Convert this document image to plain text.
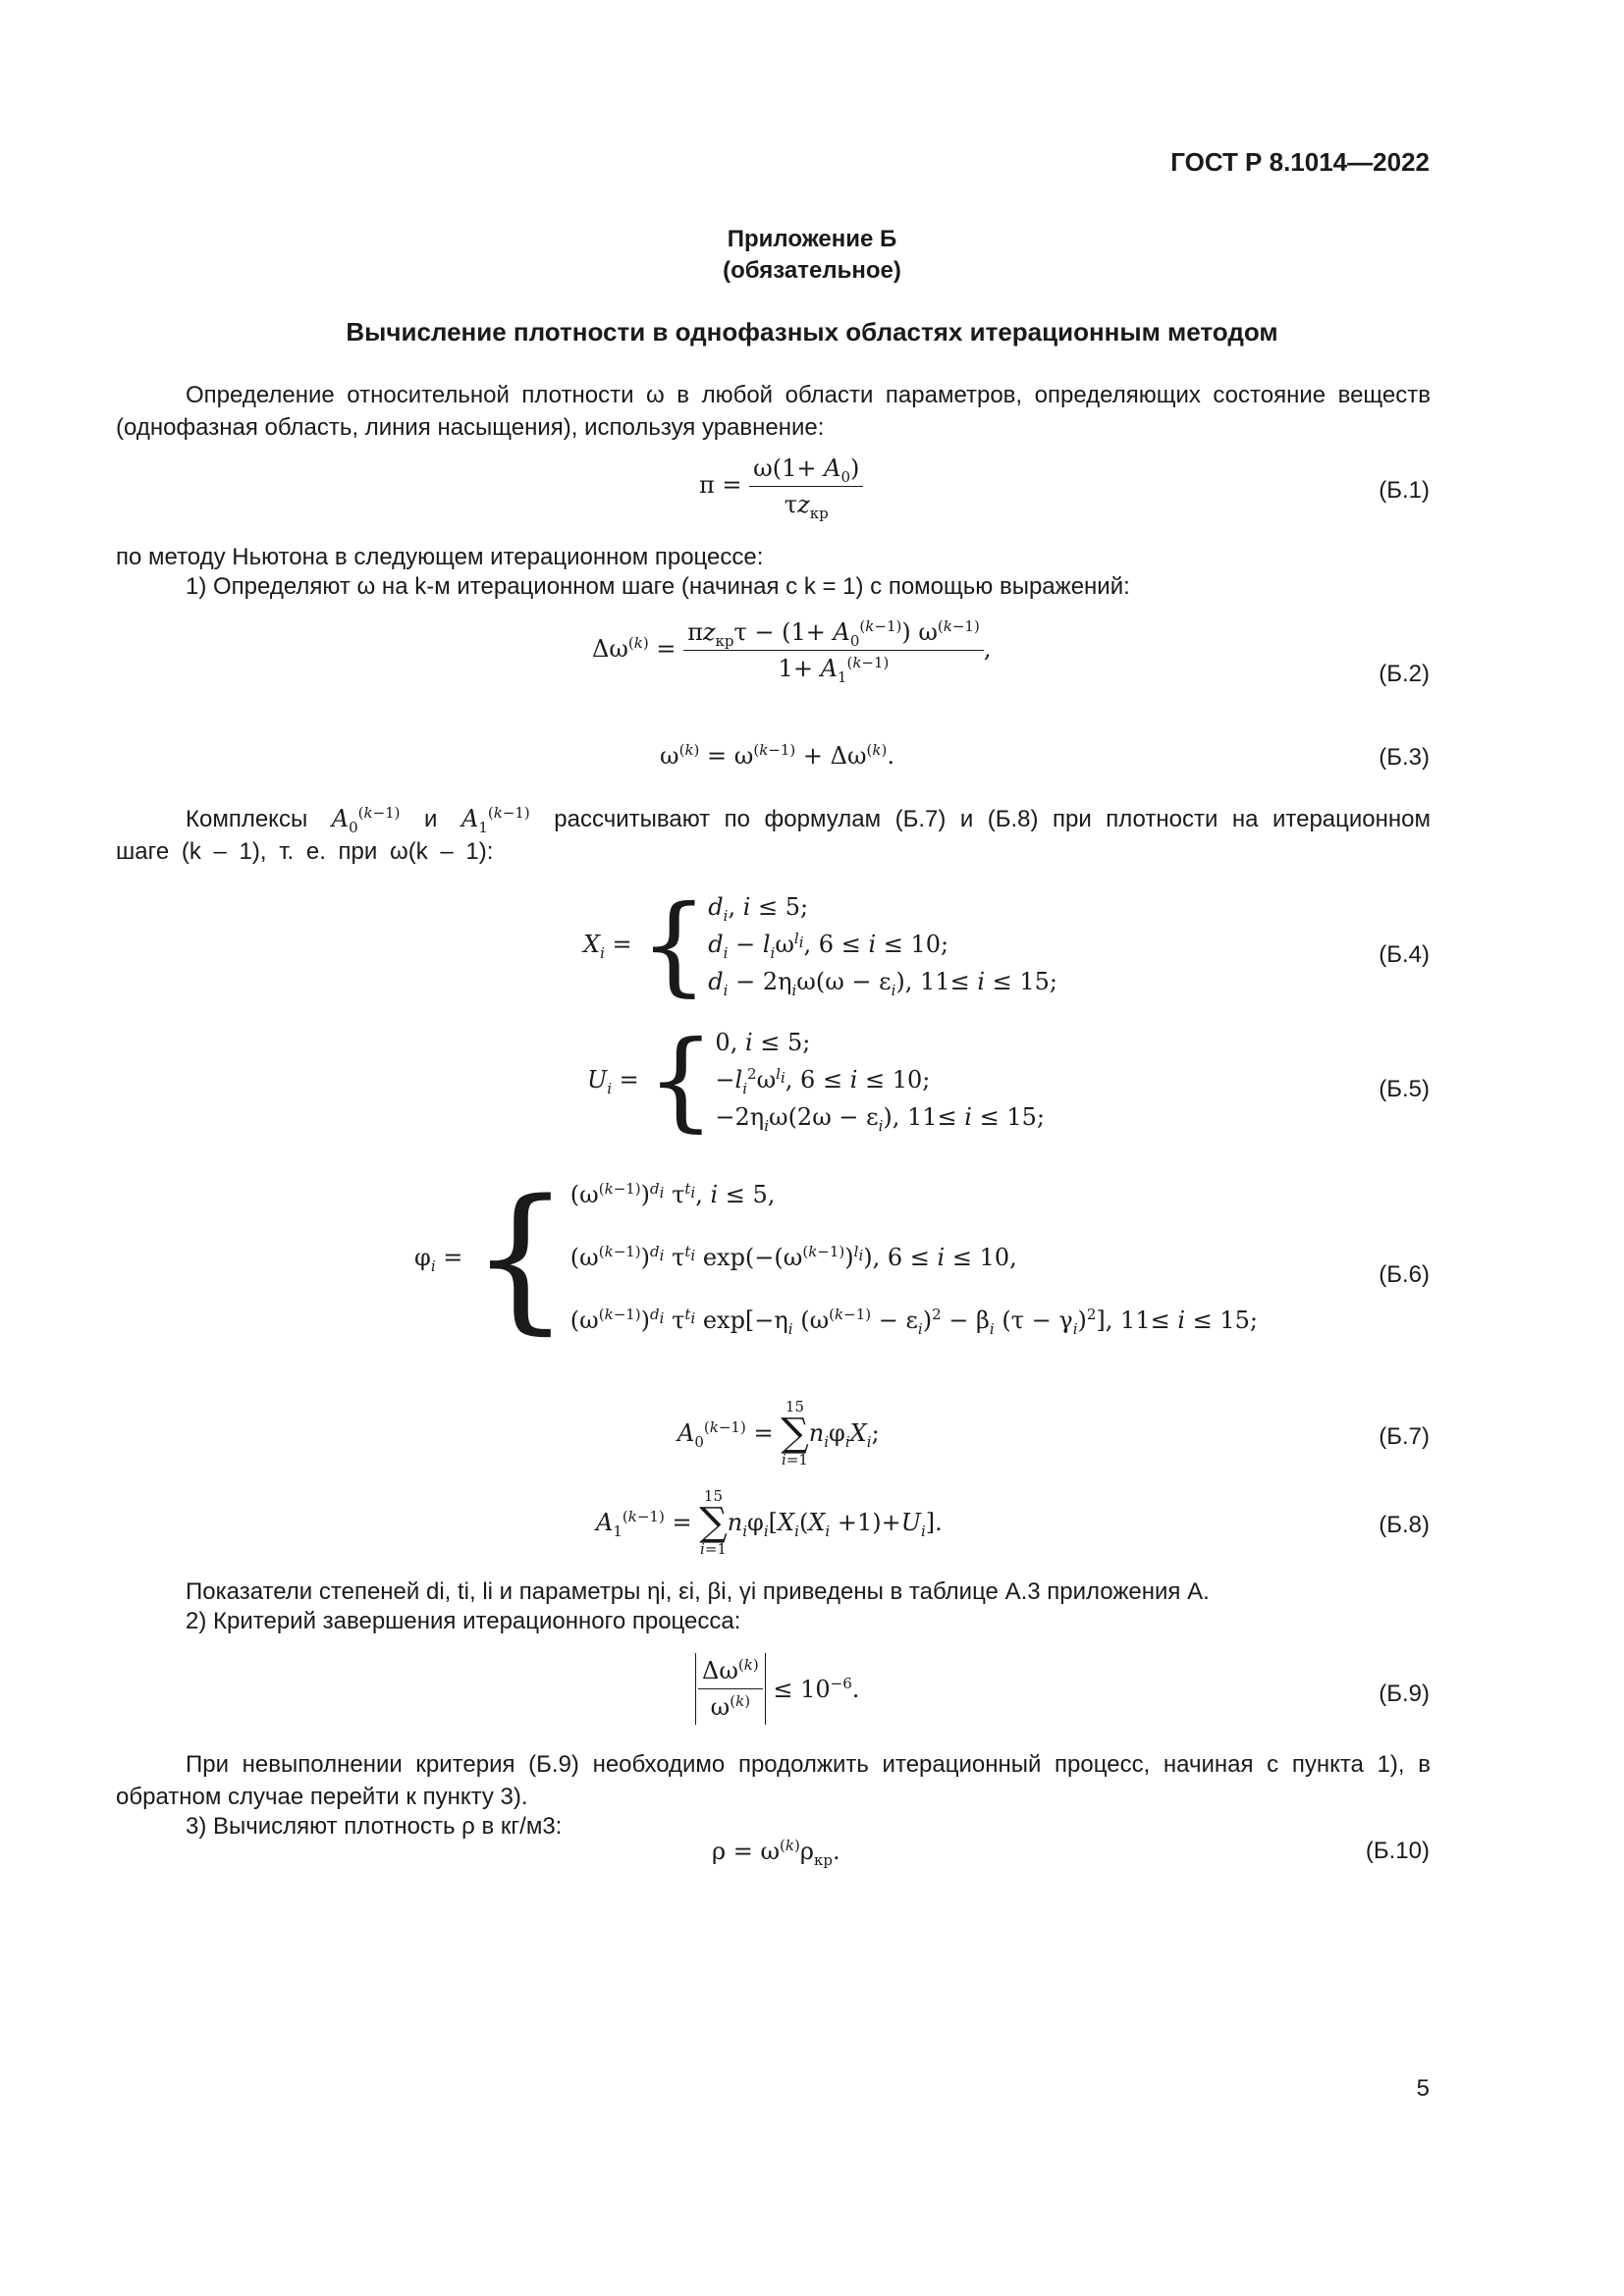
ГОСТ Р 8.1014—2022
Приложение Б
(обязательное)
Вычисление плотности в однофазных областях итерационным методом
Определение относительной плотности ω в любой области параметров, определяющих состояние веществ (однофазная область, линия насыщения), используя уравнение:
$\pi = \frac{\omega(1+ A_0)}{\tau z_{кр}}$	(Б.1)
по методу Ньютона в следующем итерационном процессе:
1) Определяют ω на k-м итерационном шаге (начиная с k = 1) с помощью выражений:
$\Delta\omega^{(k)} = \frac{\pi z_{кр}\tau - (1+ A_0^{(k-1)}) \omega^{(k-1)}}{1+ A_1^{(k-1)}}$ ,
(Б.2)
$\omega^{(k)} = \omega^{(k-1)} + \Delta\omega^{(k)}$.	(Б.3)
Комплексы $A_0^{(k-1)}$ и $A_1^{(k-1)}$ рассчитывают по формулам (Б.7) и (Б.8) при плотности на итерационном шаге (k – 1), т. е. при ω(k – 1):
$X_i$ = { $d_i$, i ≤ 5;
$d_i - l_i\omega^{l_i}$, 6 ≤ i ≤ 10;
$d_i - 2\eta_i\omega(\omega - \varepsilon_i)$, 11≤ i ≤ 15;
(Б.4)
$U_i$ = { 0, i ≤ 5;
$-l_i^2\omega^{l_i}$, 6 ≤ i ≤ 10;
$-2\eta_i\omega(2\omega - \varepsilon_i)$, 11≤ i ≤ 15;
(Б.5)
$\varphi_i$ = { $(\omega^{(k-1)})^{d_i}$ $\tau^{t_i}$, i ≤ 5,
$(\omega^{(k-1)})^{d_i}$ $\tau^{t_i}$ $\exp(-(\omega^{(k-1)})^{l_i})$, 6 ≤ i ≤ 10,
$(\omega^{(k-1)})^{d_i}$ $\tau^{t_i}$ $\exp[-\eta_i$ $(\omega^{(k-1)} - \varepsilon_i)^2 - \beta_i$ $(\tau - \gamma_i)^2$], 11≤ i ≤ 15;
(Б.6)
$A_0^{(k-1)}$ =
15
∑
i=1
$n_i\varphi_iX_i$;	(Б.7)
$A_1^{(k-1)}$ =
15
∑
i=1
$n_i\varphi_i[X_i(X_i +1)+U_i]$.	(Б.8)
Показатели степеней di, ti, li и параметры ηi, εi, βi, γi приведены в таблице А.3 приложения А.
2) Критерий завершения итерационного процесса:
$\frac{\Delta\omega^{(k)}}{\omega^{(k)}} \le 10^{-6}$.	(Б.9)
При невыполнении критерия (Б.9) необходимо продолжить итерационный процесс, начиная с пункта 1), в обратном случае перейти к пункту 3).
3) Вычисляют плотность ρ в кг/м3:
$\rho = \omega^{(k)}\rho_{кр}$.	(Б.10)
5
